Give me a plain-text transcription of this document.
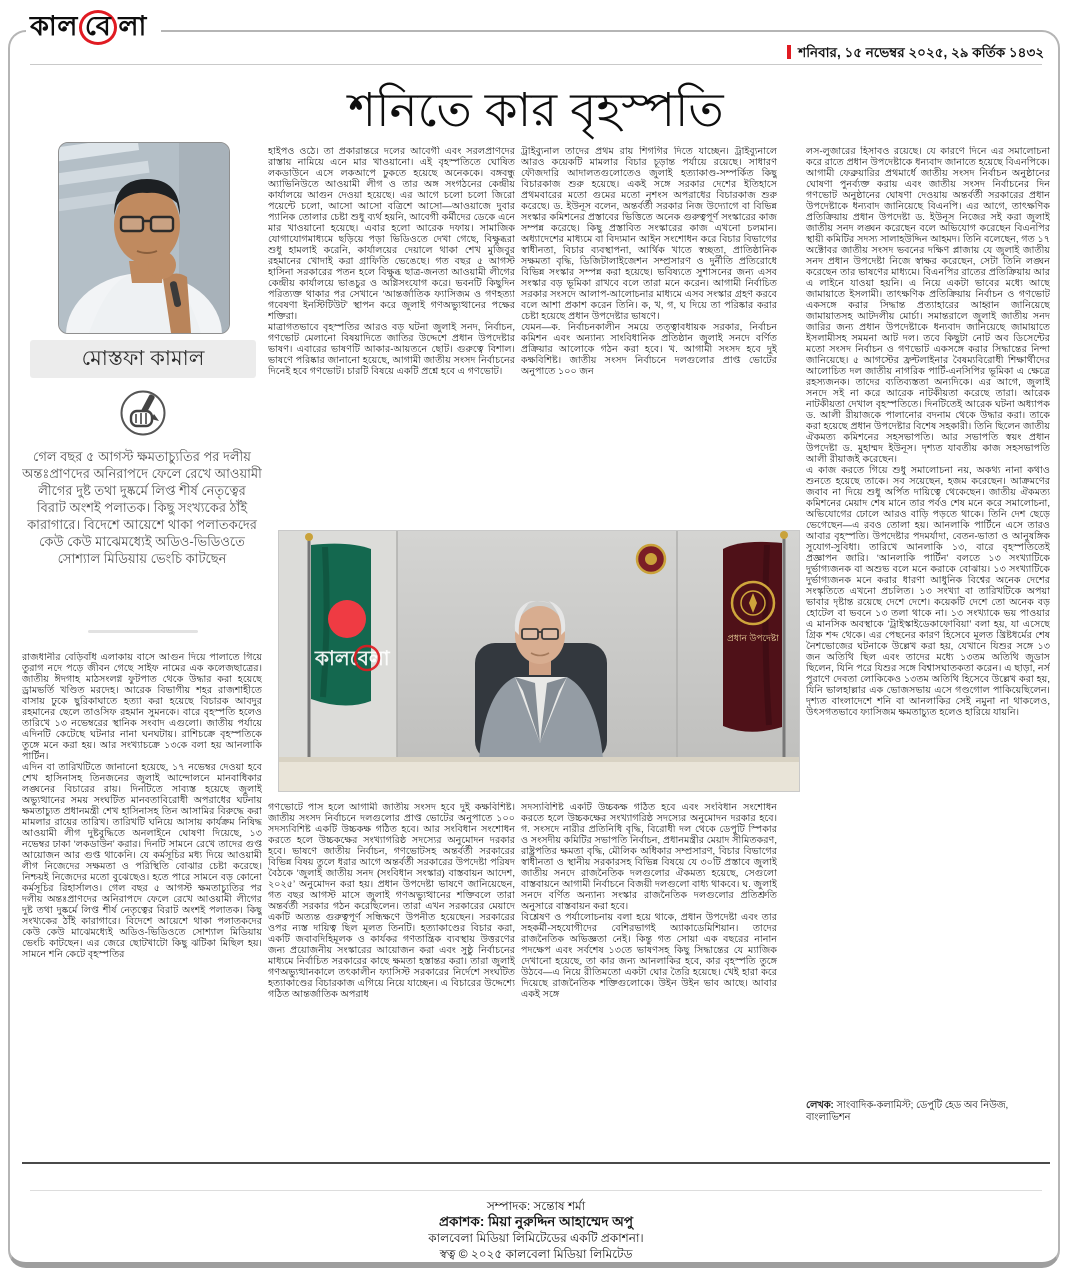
কাল বে লা
শনিবার, ১৫ নভেম্বর ২০২৫, ২৯ কর্তিক ১৪৩২
শনিতে কার বৃহস্পতি
মোস্তফা কামাল
গেল বছর ৫ আগস্ট ক্ষমতাচ্যুতির পর দলীয় অন্তঃপ্রাণদের অনিরাপদে ফেলে রেখে আওয়ামী লীগের দুষ্ট তথা দুষ্কর্মে লিপ্ত শীর্ষ নেতৃত্বের বিরাট অংশই পলাতক। কিছু সংখ্যকের ঠাঁই কারাগারে। বিদেশে আয়েশে থাকা পলাতকদের কেউ কেউ মাঝেমধ্যেই অডিও-ভিডিওতে সোশ্যাল মিডিয়ায় ভেংচি কাটছেন

রাজধানীর বেড়িবাঁধ এলাকায় বাসে আগুন দিয়ে পালাতে গিয়ে তুরাগ নদে পড়ে জীবন গেছে সাইফ নামের এক কলেজছাত্রের। জাতীয় ঈদগাহ মাঠসংলগ্ন ফুটপাত থেকে উদ্ধার করা হয়েছে ড্রামভর্তি খণ্ডিত মরদেহ। আরেক বিভাগীয় শহর রাজশাহীতে বাসায় ঢুকে ছুরিকাঘাতে হত্যা করা হয়েছে বিচারক আবদুর রহমানের ছেলে তাওসিফ রহমান সুমনকে। বারে বৃহস্পতি হলেও তারিখে ১৩ নভেম্বরের স্থানিক সংবাদ এগুলো। জাতীয় পর্যায়ে এদিনটি কেটেছে ঘটনার নানা ঘনঘটায়। রাশিচক্রে বৃহস্পতিকে তুঙ্গে মনে করা হয়। আর সংখ্যাচক্রে ১৩কে বলা হয় আনলাকি পার্টিন।

এদিন বা তারিখটিতে জানানো হয়েছে, ১৭ নভেম্বর দেওয়া হবে শেখ হাসিনাসহ তিনজনের জুলাই আন্দোলনে মানবাধিকার লঙ্ঘনের বিচারের রায়। দিনটিতে সাব্যস্ত হয়েছে জুলাই অভ্যুত্থানের সময় সংঘটিত মানবতাবিরোধী অপরাধের ঘটনায় ক্ষমতাচ্যুত প্রধানমন্ত্রী শেখ হাসিনাসহ তিন আসামির বিরুদ্ধে করা মামলার রায়ের তারিখ। তারিখটি ঘনিয়ে আসায় কার্যক্রম নিষিদ্ধ আওয়ামী লীগ দুষ্টবুদ্ধিতে অনলাইনে ঘোষণা দিয়েছে, ১৩ নভেম্বর ঢাকা ‘লকডাউন’ করার। দিনটি সামনে রেখে তাদের গুপ্ত আয়োজন আর গুপ্ত থাকেনি। যে কর্মসূচির মধ্য দিয়ে আওয়ামী লীগ নিজেদের সক্ষমতা ও পরিস্থিতি বোঝার চেষ্টা করেছে। নিশ্চয়ই নিজেদের মতো বুঝেছেও। হতে পারে সামনে বড় কোনো কর্মসূচির রিহার্সালও। গেল বছর ৫ আগস্ট ক্ষমতাচ্যুতির পর দলীয় অন্তঃপ্রাণদের অনিরাপদে ফেলে রেখে আওয়ামী লীগের দুষ্ট তথা দুষ্কর্মে লিপ্ত শীর্ষ নেতৃত্বের বিরাট অংশই পলাতক। কিছু সংখ্যকের ঠাঁই কারাগারে। বিদেশে আয়েশে থাকা পলাতকদের কেউ কেউ মাঝেমধ্যেই অডিও-ভিডিওতে সোশ্যাল মিডিয়ায় ভেংচি কাটছেন। এর জেরে ছোটখাটো কিছু ঝটিকা মিছিল হয়। সামনে শনি কেটে বৃহস্পতির

হাইপও ওঠে। তা প্রকারান্তরে দলের আবেগী এবং সরলপ্রাণদের রাস্তায় নামিয়ে এনে মার খাওয়ানো। এই বৃহস্পতিতে ঘোষিত লকডাউনে এসে লকআপে ঢুকতে হয়েছে অনেককে। বঙ্গবন্ধু অ্যাভিনিউতে আওয়ামী লীগ ও তার অঙ্গ সংগঠনের কেন্দ্রীয় কার্যালয়ে আগুন দেওয়া হয়েছে। এর আগে চলো চলো জিরো পয়েন্টে চলো, আসো আসো বত্রিশে আসো—আওয়াজে দুবার প্যানিক তোলার চেষ্টা শুধু ব্যর্থ হয়নি, আবেগী কর্মীদের ডেকে এনে মার খাওয়ানো হয়েছে। এবার হলো আরেক দফায়। সামাজিক যোগাযোগমাধ্যমে ছড়িয়ে পড়া ভিডিওতে দেখা গেছে, বিক্ষুব্ধরা শুধু হামলাই করেনি, কার্যালয়ের দেয়ালে থাকা শেখ মুজিবুর রহমানের খোদাই করা গ্রাফিতি ভেঙেছে। গত বছর ৫ আগস্ট হাসিনা সরকারের পতন হলে বিক্ষুব্ধ ছাত্র-জনতা আওয়ামী লীগের কেন্দ্রীয় কার্যালয়ে ভাঙচুর ও অগ্নিসংযোগ করে। ভবনটি কিছুদিন পরিত্যক্ত থাকার পর সেখানে ‘আন্তর্জাতিক ফ্যাসিজম ও গণহত্যা গবেষণা ইনস্টিটিউট’ স্থাপন করে জুলাই গণঅভ্যুত্থানের পক্ষের শক্তিরা।

মাত্রাগতভাবে বৃহস্পতির আরও বড় ঘটনা জুলাই সনদ, নির্বাচন, গণভোট মেলানো বিষয়াদিতে জাতির উদ্দেশে প্রধান উপদেষ্টার ভাষণ। এবারের ভাষণটি আকার-আয়তনে ছোট। গুরুত্বে বিশাল। ভাষণে পরিষ্কার জানানো হয়েছে, আগামী জাতীয় সংসদ নির্বাচনের দিনেই হবে গণভোট। চারটি বিষয়ে একটি প্রশ্নে হবে এ গণভোট।

ট্রাইব্যুনাল তাদের প্রথম রায় শিগগির দিতে যাচ্ছেন। ট্রাইব্যুনালে আরও কয়েকটি মামলার বিচার চূড়ান্ত পর্যায়ে রয়েছে। সাধারণ ফৌজদারি আদালতগুলোতেও জুলাই হত্যাকাণ্ড-সম্পর্কিত কিছু বিচারকাজ শুরু হয়েছে। একই সঙ্গে সরকার দেশের ইতিহাসে প্রথমবারের মতো গুমের মতো নৃশংস অপরাধের বিচারকাজ শুরু করেছে। ড. ইউনূস বলেন, অন্তর্বর্তী সরকার নিজ উদ্যোগে বা বিভিন্ন সংস্কার কমিশনের প্রস্তাবের ভিত্তিতে অনেক গুরুত্বপূর্ণ সংস্কারের কাজ সম্পন্ন করেছে। কিছু প্রস্তাবিত সংস্কারের কাজ এখনো চলমান। অধ্যাদেশের মাধ্যমে বা বিদ্যমান আইন সংশোধন করে বিচার বিভাগের স্বাধীনতা, বিচার ব্যবস্থাপনা, আর্থিক খাতে স্বচ্ছতা, প্রাতিষ্ঠানিক সক্ষমতা বৃদ্ধি, ডিজিটালাইজেশন সম্প্রসারণ ও দুর্নীতি প্রতিরোধে বিভিন্ন সংস্কার সম্পন্ন করা হয়েছে। ভবিষ্যতে সুশাসনের জন্য এসব সংস্কার বড় ভূমিকা রাখবে বলে তারা মনে করেন। আগামী নির্বাচিত সরকার সংসদে আলাপ-আলোচনার মাধ্যমে এসব সংস্কার গ্রহণ করবে বলে আশা প্রকাশ করেন তিনি। ক, খ, গ, ঘ দিয়ে তা পরিষ্কার করার চেষ্টা হয়েছে প্রধান উপদেষ্টার ভাষণে।

যেমন—ক. নির্বাচনকালীন সময়ে তত্ত্বাবধায়ক সরকার, নির্বাচন কমিশন এবং অন্যান্য সাংবিধানিক প্রতিষ্ঠান জুলাই সনদে বর্ণিত প্রক্রিয়ার আলোকে গঠন করা হবে। খ. আগামী সংসদ হবে দুই কক্ষবিশিষ্ট। জাতীয় সংসদ নির্বাচনে দলগুলোর প্রাপ্ত ভোটের অনুপাতে ১০০ জন

লস-লুজারের হিসাবও রয়েছে। যে কারণে দিনে এর সমালোচনা করে রাতে প্রধান উপদেষ্টাকে ধন্যবাদ জানাতে হয়েছে বিএনপিকে। আগামী ফেব্রুয়ারির প্রথমার্ধে জাতীয় সংসদ নির্বাচন অনুষ্ঠানের ঘোষণা পুনর্ব্যক্ত করায় এবং জাতীয় সংসদ নির্বাচনের দিন গণভোট অনুষ্ঠানের ঘোষণা দেওয়ায় অন্তর্বর্তী সরকারের প্রধান উপদেষ্টাকে ধন্যবাদ জানিয়েছে বিএনপি। এর আগে, তাৎক্ষণিক প্রতিক্রিয়ায় প্রধান উপদেষ্টা ড. ইউনূস নিজের সই করা জুলাই জাতীয় সনদ লঙ্ঘন করেছেন বলে অভিযোগ করেছেন বিএনপির স্থায়ী কমিটির সদস্য সালাহউদ্দিন আহমদ। তিনি বলেছেন, গত ১৭ অক্টোবর জাতীয় সংসদ ভবনের দক্ষিণ প্লাজায় যে জুলাই জাতীয় সনদ প্রধান উপদেষ্টা নিজে স্বাক্ষর করেছেন, সেটা তিনি লঙ্ঘন করেছেন তার ভাষণের মাধ্যমে। বিএনপির রাতের প্রতিক্রিয়ায় আর এ লাইনে যাওয়া হয়নি। এ নিয়ে একটা ভাবের মধ্যে আছে জামায়াতে ইসলামী। তাৎক্ষণিক প্রতিক্রিয়ায় নির্বাচন ও গণভোট একসঙ্গে করার সিদ্ধান্ত প্রত্যাহারের আহ্বান জানিয়েছে জামায়াতসহ আটদলীয় মোর্চা। সমান্তরালে জুলাই জাতীয় সনদ জারির জন্য প্রধান উপদেষ্টাকে ধন্যবাদ জানিয়েছে জামায়াতে ইসলামীসহ সমমনা আট দল। তবে কিছুটা নোট অব ডিসেন্টের মতো সংসদ নির্বাচন ও গণভোট একসঙ্গে করার সিদ্ধান্তের নিন্দা জানিয়েছে। ৫ আগস্টের ফ্রন্টলাইনার বৈষম্যবিরোধী শিক্ষার্থীদের আলোচিত দল জাতীয় নাগরিক পার্টি-এনসিপির ভূমিকা এ ক্ষেত্রে রহস্যজনক। তাদের ব্যতিব্যস্ততা অন্যদিকে। এর আগে, জুলাই সনদে সই না করে আরেক নাটকীয়তা করেছে তারা। আরেক নাটকীয়তা দেখাল বৃহস্পতিতে। দিনটিতেই আরেক ঘটনা অধ্যাপক ড. আলী রীয়াজকে পালানোর বদনাম থেকে উদ্ধার করা। তাকে করা হয়েছে প্রধান উপদেষ্টার বিশেষ সহকারী। তিনি ছিলেন জাতীয় ঐকমত্য কমিশনের সহসভাপতি। আর সভাপতি স্বয়ং প্রধান উপদেষ্টা ড. মুহাম্মদ ইউনূস। দৃশ্যত যাবতীয় কাজ সহসভাপতি আলী রীয়াজই করেছেন।

এ কাজ করতে গিয়ে শুধু সমালোচনা নয়, অকথ্য নানা কথাও শুনতে হয়েছে তাকে। সব সয়েছেন, হজম করেছেন। আক্রমণের জবাব না দিয়ে শুধু অর্পিত দায়িত্বে থেকেছেন। জাতীয় ঐকমত্য কমিশনের মেয়াদ শেষ মানে তার পর্বও শেষ মনে করে সমালোচনা, অভিযোগের ঢোলে আরও বাড়ি পড়তে থাকে। তিনি দেশ ছেড়ে ভেগেছেন—এ রবও তোলা হয়। আনলাকি পার্টিনে এসে তারও আবার বৃহস্পতি। উপদেষ্টার পদমর্যাদা, বেতন-ভাতা ও আনুষঙ্গিক সুযোগ-সুবিধা। তারিখে আনলাকি ১৩, বারে বৃহস্পতিতেই প্রজ্ঞাপন জারি। ‘আনলাকি পার্টিন’ বলতে ১৩ সংখ্যাটিকে দুর্ভাগ্যজনক বা অশুভ বলে মনে করাকে বোঝায়। ১৩ সংখ্যাটিকে দুর্ভাগ্যজনক মনে করার ধারণা আধুনিক বিশ্বের অনেক দেশের সংস্কৃতিতে এখনো প্রচলিত। ১৩ সংখ্যা বা তারিখটিকে অপয়া ভাবার দৃষ্টান্ত রয়েছে দেশে দেশে। কয়েকটি দেশে তো অনেক বড় হোটেল বা ভবনে ১৩ তলা থাকে না। ১৩ সংখ্যাকে ভয় পাওয়ার এ মানসিক অবস্থাকে ‘ট্রাইস্কাইডেকাফোবিয়া’ বলা হয়, যা এসেছে গ্রিক শব্দ থেকে। এর পেছনের কারণ হিসেবে মূলত খ্রিষ্টধর্মের শেষ নৈশভোজের ঘটনাকে উল্লেখ করা হয়, যেখানে যিশুর সঙ্গে ১৩ জন অতিথি ছিল এবং তাদের মধ্যে ১৩তম অতিথি জুডাস ছিলেন, যিনি পরে যিশুর সঙ্গে বিশ্বাসঘাতকতা করেন। এ ছাড়া, নর্স পুরাণে দেবতা লোকিকেও ১৩তম অতিথি হিসেবে উল্লেখ করা হয়, যিনি ভালহাল্লার এক ভোজসভায় এসে গণ্ডগোল পাকিয়েছিলেন। দৃশ্যত বাংলাদেশে শনি বা আনলাকির সেই নমুনা না থাকলেও, উৎসগতভাবে ফ্যাসিজম ক্ষমতাচ্যুত হলেও হারিয়ে যায়নি।

প্রধান উপদেষ্টা
কালবেলা

গণভোটে পাস হলে আগামী জাতীয় সংসদ হবে দুই কক্ষবিশিষ্ট। জাতীয় সংসদ নির্বাচনে দলগুলোর প্রাপ্ত ভোটের অনুপাতে ১০০ সদস্যবিশিষ্ট একটি উচ্চকক্ষ গঠিত হবে। আর সংবিধান সংশোধন করতে হলে উচ্চকক্ষের সংখ্যাগরিষ্ঠ সদস্যের অনুমোদন দরকার হবে। ভাষণে জাতীয় নির্বাচন, গণভোটসহ অন্তর্বর্তী সরকারের বিভিন্ন বিষয় তুলে ধরার আগে অন্তর্বর্তী সরকারের উপদেষ্টা পরিষদ বৈঠকে ‘জুলাই জাতীয় সনদ (সংবিধান সংস্কার) বাস্তবায়ন আদেশ, ২০২৫’ অনুমোদন করা হয়। প্রধান উপদেষ্টা ভাষণে জানিয়েছেন, গত বছর আগস্ট মাসে জুলাই গণঅভ্যুত্থানের শক্তিবলে তারা অন্তর্বর্তী সরকার গঠন করেছিলেন। তারা এখন সরকারের মেয়াদে একটি অত্যন্ত গুরুত্বপূর্ণ সন্ধিক্ষণে উপনীত হয়েছেন। সরকারের ওপর ন্যস্ত দায়িত্ব ছিল মূলত তিনটি। হত্যাকাণ্ডের বিচার করা, একটি জবাবদিহিমূলক ও কার্যকর গণতান্ত্রিক ব্যবস্থায় উত্তরণের জন্য প্রয়োজনীয় সংস্কারের আয়োজন করা এবং সুষ্ঠু নির্বাচনের মাধ্যমে নির্বাচিত সরকারের কাছে ক্ষমতা হস্তান্তর করা। তারা জুলাই গণঅভ্যুত্থানকালে তৎকালীন ফ্যাসিস্ট সরকারের নির্দেশে সংঘটিত হত্যাকাণ্ডের বিচারকাজ এগিয়ে নিয়ে যাচ্ছেন। এ বিচারের উদ্দেশ্যে গঠিত আন্তর্জাতিক অপরাধ

সদস্যবিশিষ্ট একটি উচ্চকক্ষ গঠিত হবে এবং সংবিধান সংশোধন করতে হলে উচ্চকক্ষের সংখ্যাগরিষ্ঠ সদস্যের অনুমোদন দরকার হবে। গ. সংসদে নারীর প্রতিনিধি বৃদ্ধি, বিরোধী দল থেকে ডেপুটি স্পিকার ও সংসদীয় কমিটির সভাপতি নির্বাচন, প্রধানমন্ত্রীর মেয়াদ সীমিতকরণ, রাষ্ট্রপতির ক্ষমতা বৃদ্ধি, মৌলিক অধিকার সম্প্রসারণ, বিচার বিভাগের স্বাধীনতা ও স্থানীয় সরকারসহ বিভিন্ন বিষয়ে যে ৩০টি প্রস্তাবে জুলাই জাতীয় সনদে রাজনৈতিক দলগুলোর ঐকমত্য হয়েছে, সেগুলো বাস্তবায়নে আগামী নির্বাচনে বিজয়ী দলগুলো বাধ্য থাকবে। ঘ. জুলাই সনদে বর্ণিত অন্যান্য সংস্কার রাজনৈতিক দলগুলোর প্রতিশ্রুতি অনুসারে বাস্তবায়ন করা হবে।

বিশ্লেষণ ও পর্যালোচনায় বলা হয়ে থাকে, প্রধান উপদেষ্টা এবং তার সহকর্মী-সহযোগীদের বেশিরভাগই অ্যাকাডেমিশিয়ান। তাদের রাজনৈতিক অভিজ্ঞতা নেই। কিন্তু গত সোয়া এক বছরের নানান পদক্ষেপ এবং সর্বশেষ ১৩তে ভাষণসহ কিছু সিদ্ধান্তের যে ম্যাজিক দেখানো হয়েছে, তা কার জন্য আনলাকির হবে, কার বৃহস্পতি তুঙ্গে উঠবে—এ নিয়ে রীতিমতো একটা ঘোর তৈরি হয়েছে। খেই হারা করে দিয়েছে রাজনৈতিক শক্তিগুলোকে। উইন উইন ভাব আছে। আবার একই সঙ্গে

লেখক: সাংবাদিক-কলামিস্ট; ডেপুটি হেড অব নিউজ, বাংলাভিশন
সম্পাদক: সন্তোষ শর্মা
প্রকাশক: মিয়া নুরুদ্দিন আহাম্মেদ অপু
কালবেলা মিডিয়া লিমিটেডের একটি প্রকাশনা।
স্বত্ব © ২০২৫ কালবেলা মিডিয়া লিমিটেড
